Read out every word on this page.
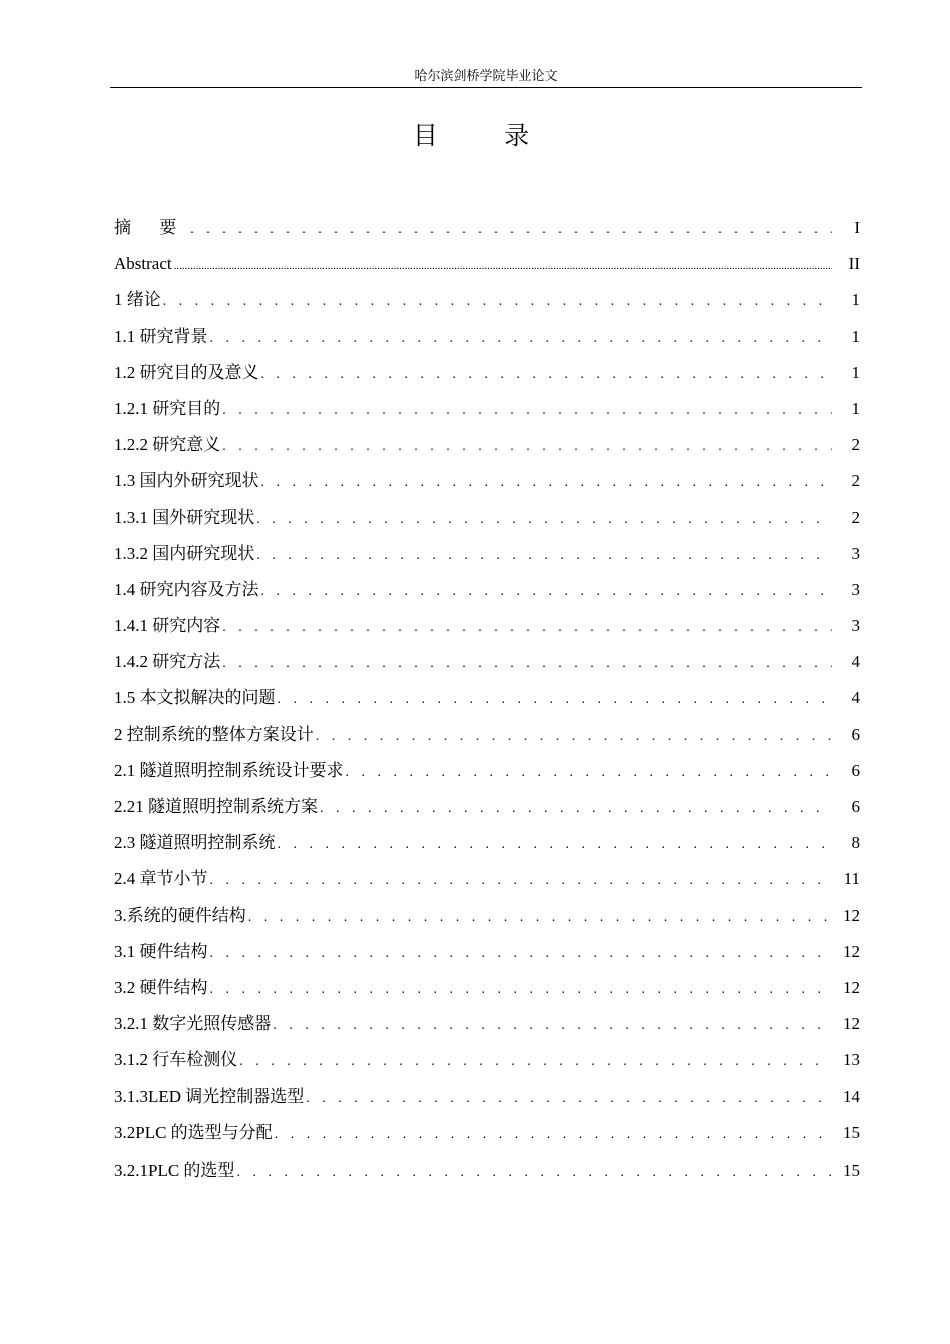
哈尔滨剑桥学院毕业论文
目 录
摘 要 . . .	I
Abstract .....	II
1 绪论 . . .	1
1.1 研究背景 . . .	1
1.2 研究目的及意义 . . .	1
1.2.1 研究目的 . . .	1
1.2.2 研究意义 . . .	2
1.3 国内外研究现状 . . .	2
1.3.1 国外研究现状 . . .	2
1.3.2 国内研究现状 . . .	3
1.4 研究内容及方法 . . .	3
1.4.1 研究内容 . . .	3
1.4.2 研究方法 . . .	4
1.5 本文拟解决的问题 . . .	4
2 控制系统的整体方案设计 . . .	6
2.1 隧道照明控制系统设计要求 . . .	6
2.21 隧道照明控制系统方案 . . .	6
2.3 隧道照明控制系统 . . .	8
2.4 章节小节 . . .	11
3.系统的硬件结构 . . .	12
3.1 硬件结构 . . .	12
3.2 硬件结构 . . .	12
3.2.1 数字光照传感器 . . .	12
3.1.2 行车检测仪 . . .	13
3.1.3LED 调光控制器选型 . . .	14
3.2PLC 的选型与分配 . . .	15
3.2.1PLC 的选型 . . .	15
